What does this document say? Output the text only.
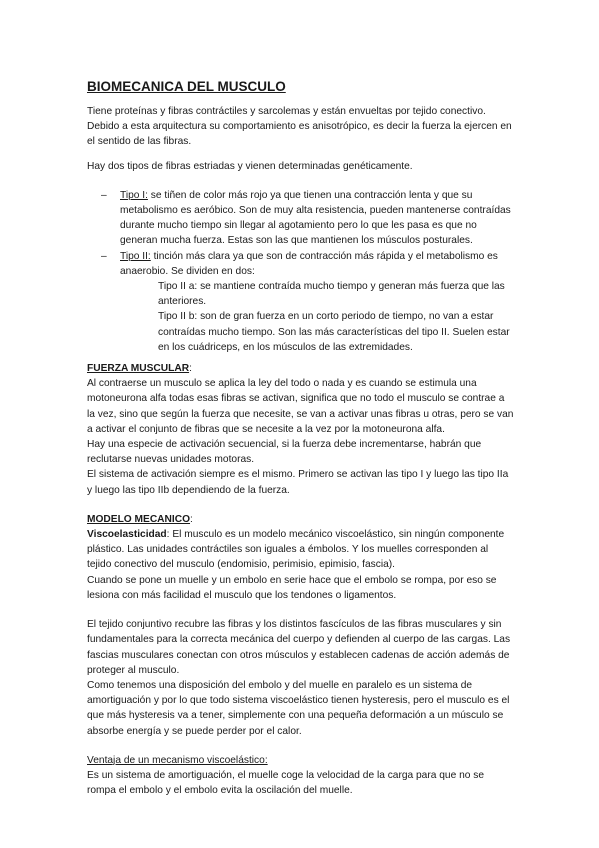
BIOMECANICA DEL MUSCULO

Tiene proteínas y fibras contráctiles y sarcolemas y están envueltas por tejido conectivo. Debido a esta arquitectura su comportamiento es anisotrópico, es decir la fuerza la ejercen en el sentido de las fibras.

Hay dos tipos de fibras estriadas y vienen determinadas genéticamente.

– Tipo I: se tiñen de color más rojo ya que tienen una contracción lenta y que su metabolismo es aeróbico. Son de muy alta resistencia, pueden mantenerse contraídas durante mucho tiempo sin llegar al agotamiento pero lo que les pasa es que no generan mucha fuerza. Estas son las que mantienen los músculos posturales.
– Tipo II: tinción más clara ya que son de contracción más rápida y el metabolismo es anaerobio. Se dividen en dos:

Tipo II a: se mantiene contraída mucho tiempo y generan más fuerza que las anteriores.

Tipo II b: son de gran fuerza en un corto periodo de tiempo, no van a estar contraídas mucho tiempo. Son las más características del tipo II. Suelen estar en los cuádriceps, en los músculos de las extremidades.

FUERZA MUSCULAR:

Al contraerse un musculo se aplica la ley del todo o nada y es cuando se estimula una motoneurona alfa todas esas fibras se activan, significa que no todo el musculo se contrae a la vez, sino que según la fuerza que necesite, se van a activar unas fibras u otras, pero se van a activar el conjunto de fibras que se necesite a la vez por la motoneurona alfa.

Hay una especie de activación secuencial, si la fuerza debe incrementarse, habrán que reclutarse nuevas unidades motoras.

El sistema de activación siempre es el mismo. Primero se activan las tipo I y luego las tipo IIa y luego las tipo IIb dependiendo de la fuerza.

MODELO MECANICO:

Viscoelasticidad: El musculo es un modelo mecánico viscoelástico, sin ningún componente plástico. Las unidades contráctiles son iguales a émbolos. Y los muelles corresponden al tejido conectivo del musculo (endomisio, perimisio, epimisio, fascia).

Cuando se pone un muelle y un embolo en serie hace que el embolo se rompa, por eso se lesiona con más facilidad el musculo que los tendones o ligamentos.

El tejido conjuntivo recubre las fibras y los distintos fascículos de las fibras musculares y sin fundamentales para la correcta mecánica del cuerpo y defienden al cuerpo de las cargas. Las fascias musculares conectan con otros músculos y establecen cadenas de acción además de proteger al musculo.

Como tenemos una disposición del embolo y del muelle en paralelo es un sistema de amortiguación y por lo que todo sistema viscoelástico tienen hysteresis, pero el musculo es el que más hysteresis va a tener, simplemente con una pequeña deformación a un músculo se absorbe energía y se puede perder por el calor.

Ventaja de un mecanismo viscoelástico:

Es un sistema de amortiguación, el muelle coge la velocidad de la carga para que no se rompa el embolo y el embolo evita la oscilación del muelle.
